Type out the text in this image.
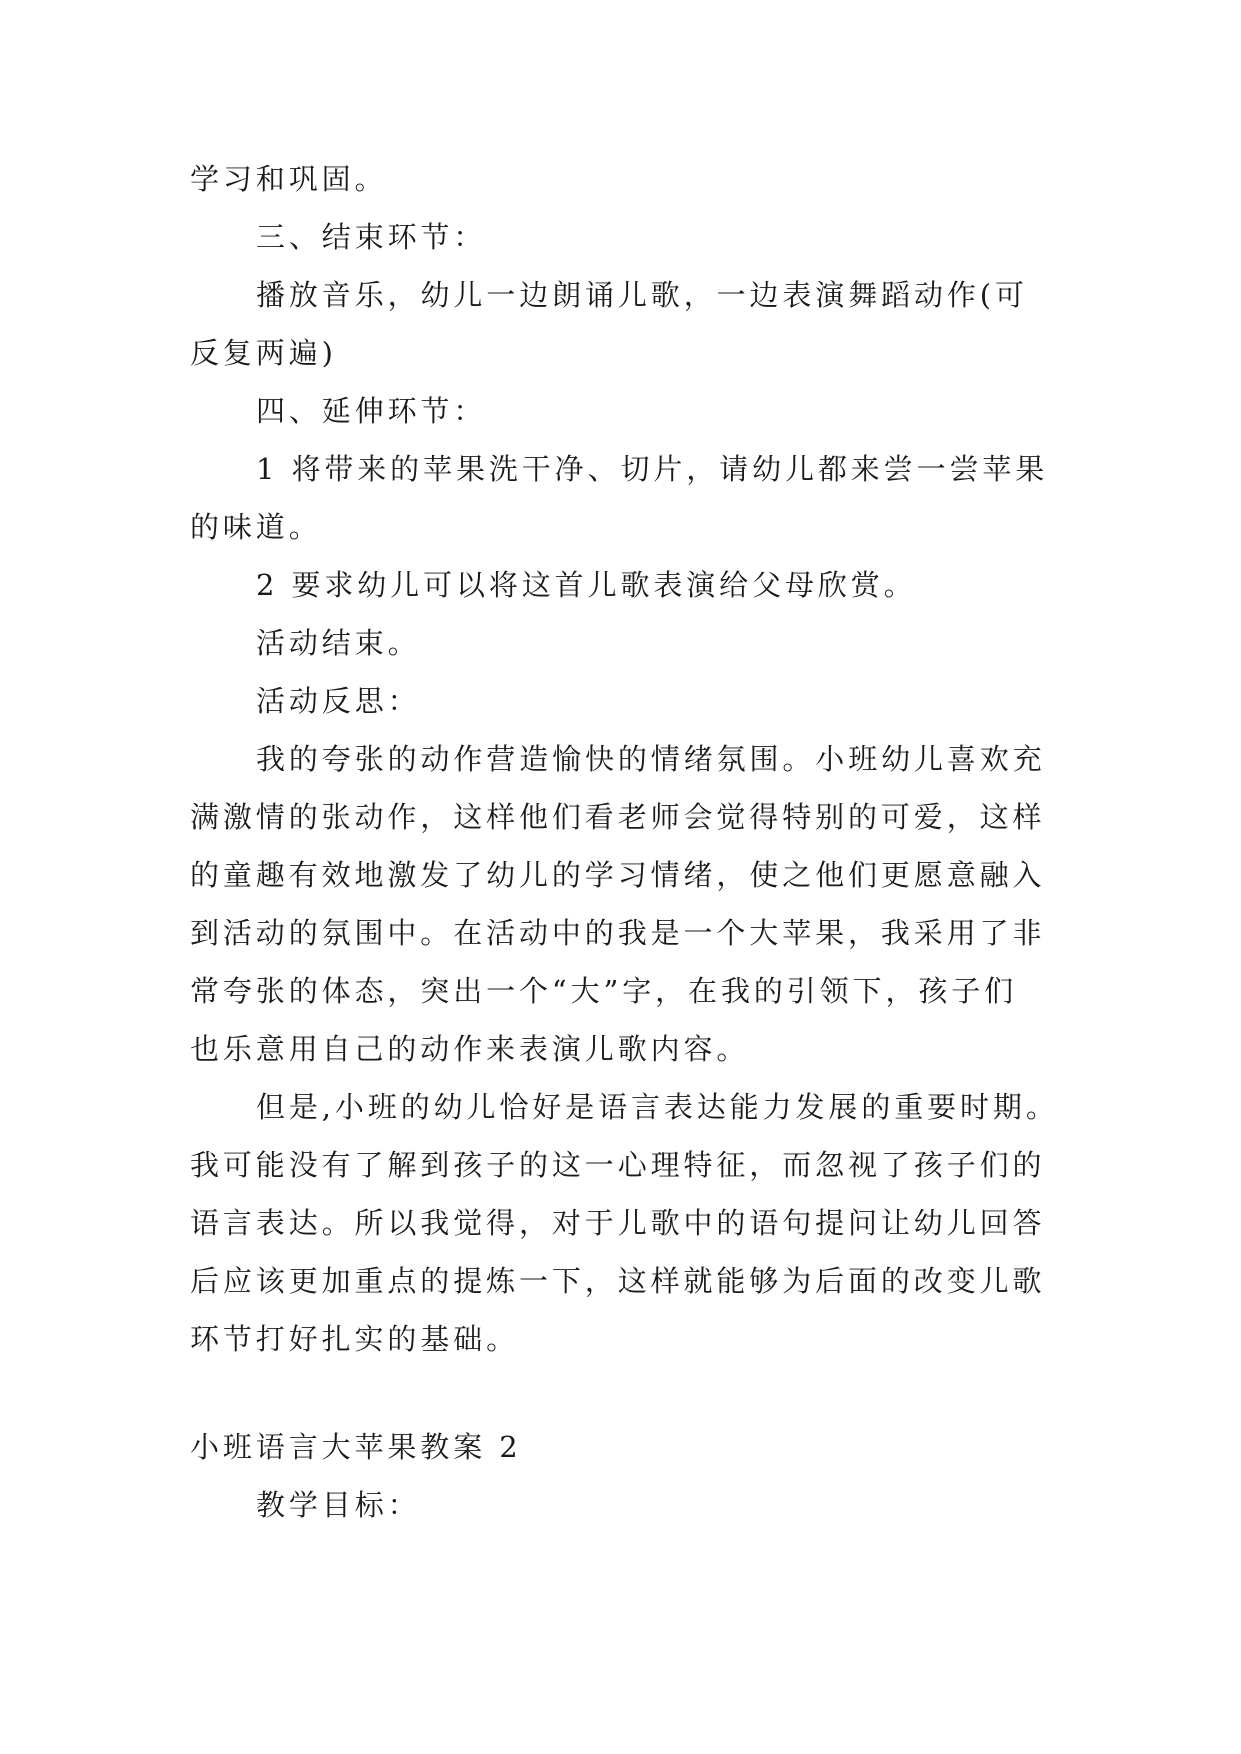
学习和巩固。
三、结束环节：
播放音乐，幼儿一边朗诵儿歌，一边表演舞蹈动作(可
反复两遍)
四、延伸环节：
1 将带来的苹果洗干净、切片，请幼儿都来尝一尝苹果
的味道。
2 要求幼儿可以将这首儿歌表演给父母欣赏。
活动结束。
活动反思：
我的夸张的动作营造愉快的情绪氛围。小班幼儿喜欢充
满激情的张动作，这样他们看老师会觉得特别的可爱，这样
的童趣有效地激发了幼儿的学习情绪，使之他们更愿意融入
到活动的氛围中。在活动中的我是一个大苹果，我采用了非
常夸张的体态，突出一个“大”字，在我的引领下，孩子们
也乐意用自己的动作来表演儿歌内容。
但是,小班的幼儿恰好是语言表达能力发展的重要时期。
我可能没有了解到孩子的这一心理特征，而忽视了孩子们的
语言表达。所以我觉得，对于儿歌中的语句提问让幼儿回答
后应该更加重点的提炼一下，这样就能够为后面的改变儿歌
环节打好扎实的基础。
小班语言大苹果教案 2
教学目标：
